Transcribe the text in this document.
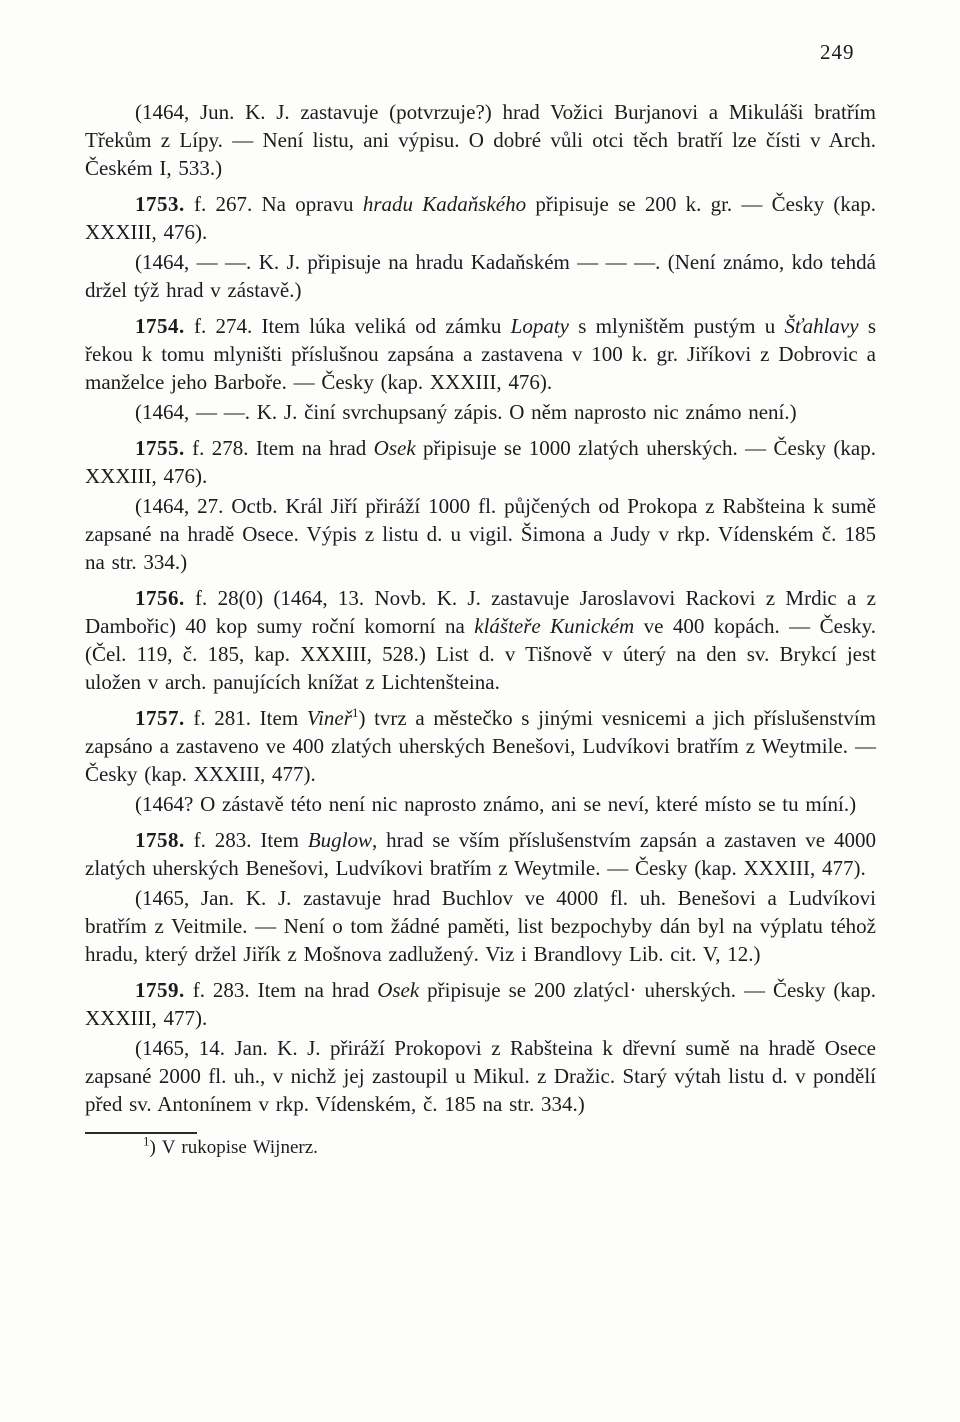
249

(1464, Jun. K. J. zastavuje (potvrzuje?) hrad Vožici Burjanovi a Mikuláši bratřím Třekům z Lípy. — Není listu, ani výpisu. O dobré vůli otci těch bratří lze čísti v Arch. Českém I, 533.)

1753. f. 267. Na opravu hradu Kadaňského připisuje se 200 k. gr. — Česky (kap. XXXIII, 476).

(1464, — —. K. J. připisuje na hradu Kadaňském — — —. (Není známo, kdo tehdá držel týž hrad v zástavě.)

1754. f. 274. Item lúka veliká od zámku Lopaty s mlyništěm pustým u Šťahlavy s řekou k tomu mlyništi příslušnou zapsána a zastavena v 100 k. gr. Jiříkovi z Dobrovic a manželce jeho Barboře. — Česky (kap. XXXIII, 476).

(1464, — —. K. J. činí svrchupsaný zápis. O něm naprosto nic známo není.)

1755. f. 278. Item na hrad Osek připisuje se 1000 zlatých uherských. — Česky (kap. XXXIII, 476).

(1464, 27. Octb. Král Jiří přiráží 1000 fl. půjčených od Prokopa z Rabšteina k sumě zapsané na hradě Osece. Výpis z listu d. u vigil. Šimona a Judy v rkp. Vídenském č. 185 na str. 334.)

1756. f. 28(0) (1464, 13. Novb. K. J. zastavuje Jaroslavovi Rackovi z Mrdic a z Dambořic) 40 kop sumy roční komorní na klášteře Kunickém ve 400 kopách. — Česky. (Čel. 119, č. 185, kap. XXXIII, 528.) List d. v Tišnově v úterý na den sv. Brykcí jest uložen v arch. panujících knížat z Lichtenšteina.

1757. f. 281. Item Vineř$^1$) tvrz a městečko s jinými vesnicemi a jich příslušenstvím zapsáno a zastaveno ve 400 zlatých uherských Benešovi, Ludvíkovi bratřím z Weytmile. — Česky (kap. XXXIII, 477).

(1464? O zástavě této není nic naprosto známo, ani se neví, které místo se tu míní.)

1758. f. 283. Item Buglow, hrad se vším příslušenstvím zapsán a zastaven ve 4000 zlatých uherských Benešovi, Ludvíkovi bratřím z Weytmile. — Česky (kap. XXXIII, 477).

(1465, Jan. K. J. zastavuje hrad Buchlov ve 4000 fl. uh. Benešovi a Ludvíkovi bratřím z Veitmile. — Není o tom žádné paměti, list bezpochyby dán byl na výplatu téhož hradu, který držel Jiřík z Mošnova zadlužený. Viz i Brandlovy Lib. cit. V, 12.)

1759. f. 283. Item na hrad Osek připisuje se 200 zlatýcl· uherských. — Česky (kap. XXXIII, 477).

(1465, 14. Jan. K. J. přiráží Prokopovi z Rabšteina k dřevní sumě na hradě Osece zapsané 2000 fl. uh., v nichž jej zastoupil u Mikul. z Dražic. Starý výtah listu d. v pondělí před sv. Antonínem v rkp. Vídenském, č. 185 na str. 334.)

$^1$) V rukopise Wijnerz.
